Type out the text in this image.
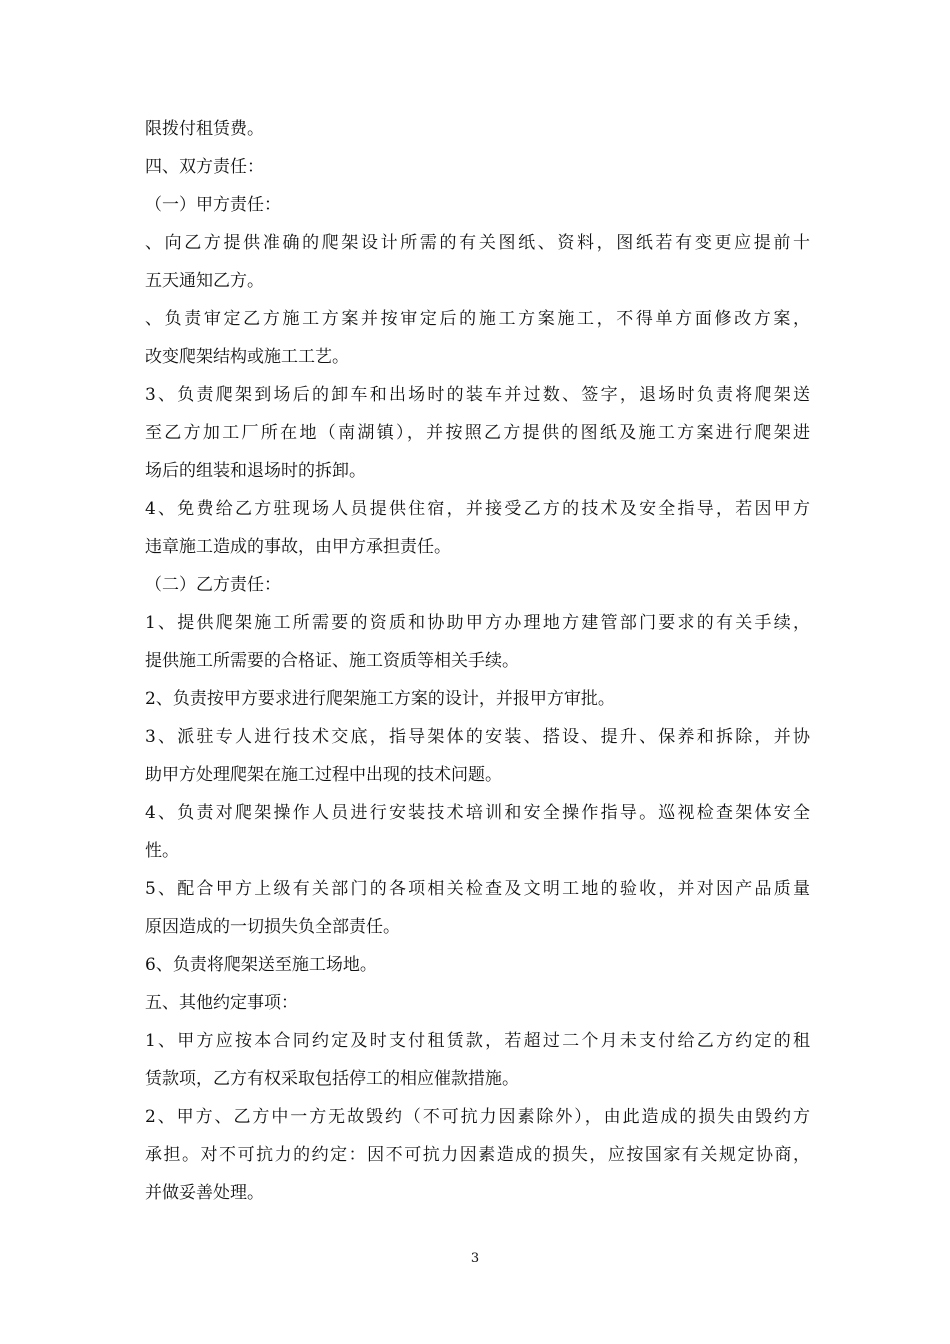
限拨付租赁费。
四、双方责任：
（一）甲方责任：
、向乙方提供准确的爬架设计所需的有关图纸、资料，图纸若有变更应提前十
五天通知乙方。
、负责审定乙方施工方案并按审定后的施工方案施工，不得单方面修改方案，
改变爬架结构或施工工艺。
3、负责爬架到场后的卸车和出场时的装车并过数、签字，退场时负责将爬架送
至乙方加工厂所在地（南湖镇），并按照乙方提供的图纸及施工方案进行爬架进
场后的组装和退场时的拆卸。
4、免费给乙方驻现场人员提供住宿，并接受乙方的技术及安全指导，若因甲方
违章施工造成的事故，由甲方承担责任。
（二）乙方责任：
1、提供爬架施工所需要的资质和协助甲方办理地方建管部门要求的有关手续，
提供施工所需要的合格证、施工资质等相关手续。
2、负责按甲方要求进行爬架施工方案的设计，并报甲方审批。
3、派驻专人进行技术交底，指导架体的安装、搭设、提升、保养和拆除，并协
助甲方处理爬架在施工过程中出现的技术问题。
4、负责对爬架操作人员进行安装技术培训和安全操作指导。巡视检查架体安全
性。
5、配合甲方上级有关部门的各项相关检查及文明工地的验收，并对因产品质量
原因造成的一切损失负全部责任。
6、负责将爬架送至施工场地。
五、其他约定事项：
1、甲方应按本合同约定及时支付租赁款，若超过二个月未支付给乙方约定的租
赁款项，乙方有权采取包括停工的相应催款措施。
2、甲方、乙方中一方无故毁约（不可抗力因素除外），由此造成的损失由毁约方
承担。对不可抗力的约定：因不可抗力因素造成的损失，应按国家有关规定协商，
并做妥善处理。
3
